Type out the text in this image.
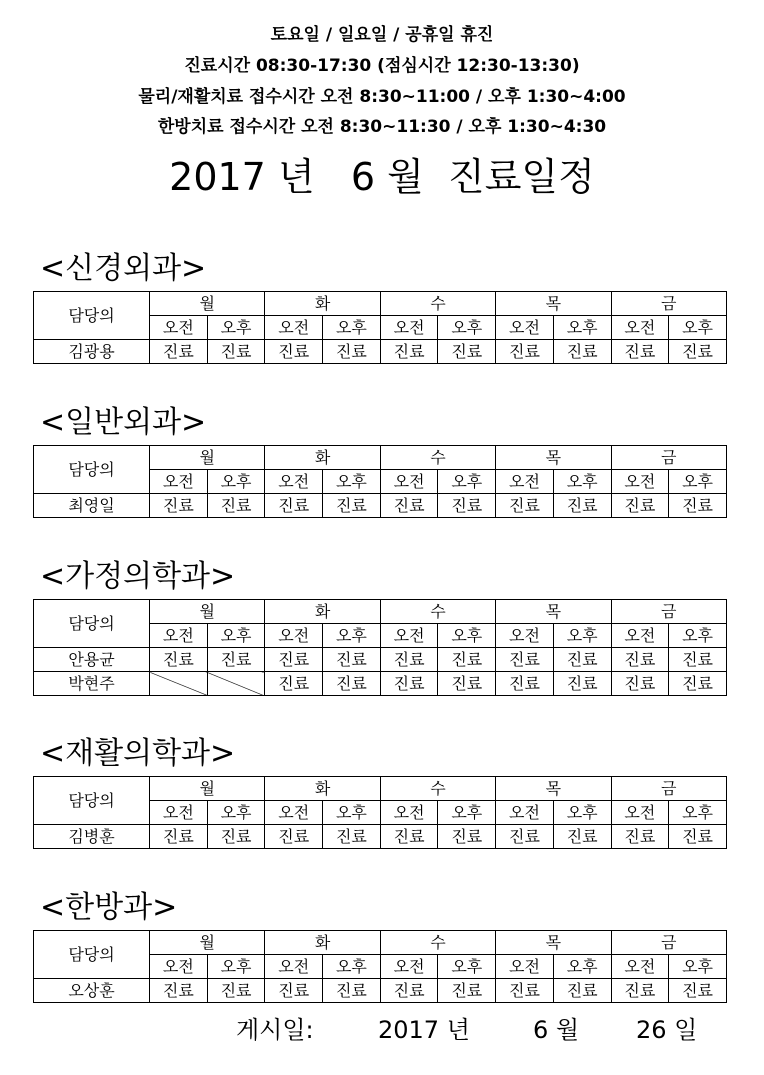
토요일 / 일요일 / 공휴일 휴진
진료시간 08:30-17:30 (점심시간 12:30-13:30)
물리/재활치료 접수시간 오전 8:30~11:00 / 오후 1:30~4:00
한방치료 접수시간 오전 8:30~11:30 / 오후 1:30~4:30
2017 년   6 월  진료일정
<신경외과>
담당의	월		화		수		목		금	
	오전	오후	오전	오후	오전	오후	오전	오후	오전	오후
김광용	진료	진료	진료	진료	진료	진료	진료	진료	진료	진료
<일반외과>
담당의	월		화		수		목		금	
	오전	오후	오전	오후	오전	오후	오전	오후	오전	오후
최영일	진료	진료	진료	진료	진료	진료	진료	진료	진료	진료
<가정의학과>
담당의	월		화		수		목		금	
	오전	오후	오전	오후	오전	오후	오전	오후	오전	오후
안용균	진료	진료	진료	진료	진료	진료	진료	진료	진료	진료
박현주			진료	진료	진료	진료	진료	진료	진료	진료
<재활의학과>
담당의	월		화		수		목		금	
	오전	오후	오전	오후	오전	오후	오전	오후	오전	오후
김병훈	진료	진료	진료	진료	진료	진료	진료	진료	진료	진료
<한방과>
담당의	월		화		수		목		금	
	오전	오후	오전	오후	오전	오후	오전	오후	오전	오후
오상훈	진료	진료	진료	진료	진료	진료	진료	진료	진료	진료
게시일:	2017 년	6 월 26 일
